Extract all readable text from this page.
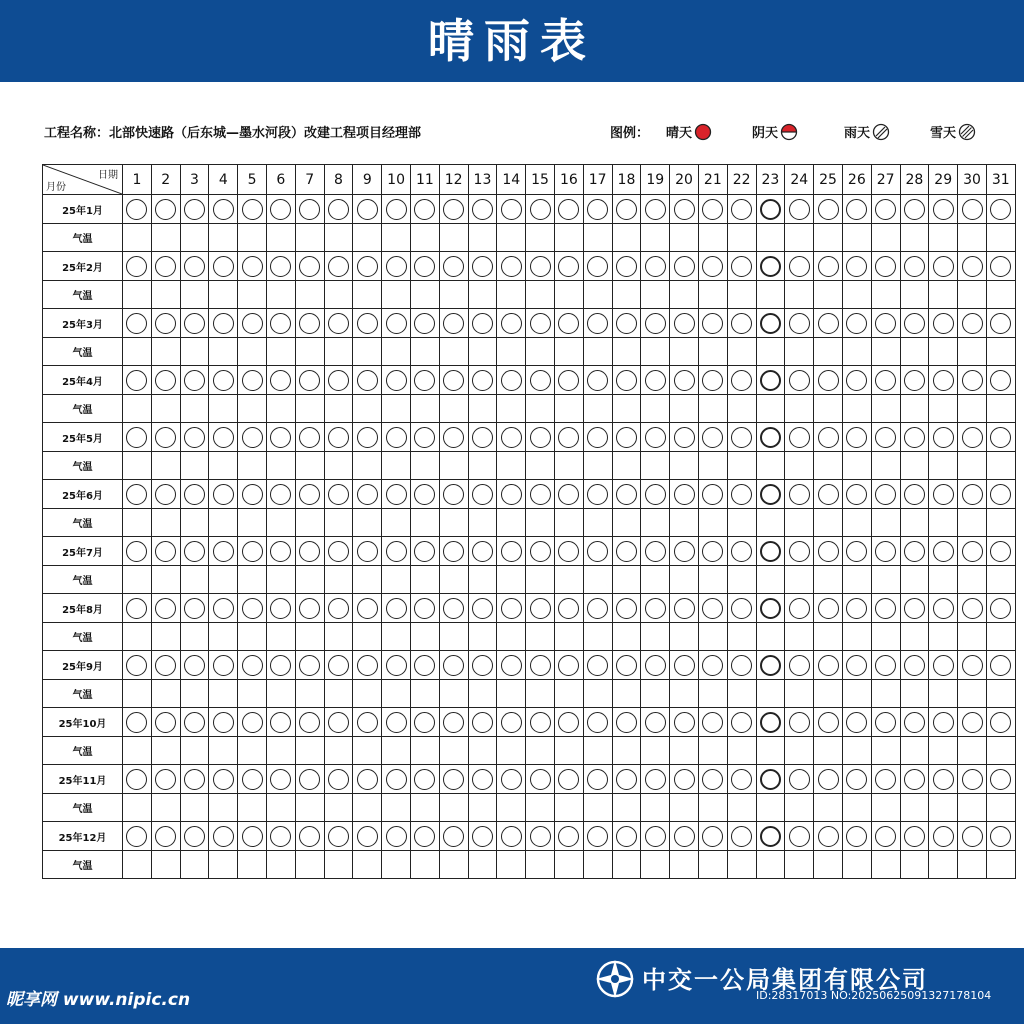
晴雨表
工程名称：北部快速路（后东城—墨水河段）改建工程项目经理部	图例： 晴天	阴天	雨天	雪天
日期
月份	1	2	3	4	5	6	7	8	9	10	11	12	13	14	15	16	17	18	19	20	21	22	23	24	25	26	27	28	29	30	31
25年1月																															
气温																															
25年2月																															
气温																															
25年3月																															
气温																															
25年4月																															
气温																															
25年5月																															
气温																															
25年6月																															
气温																															
25年7月																															
气温																															
25年8月																															
气温																															
25年9月																															
气温																															
25年10月																															
气温																															
25年11月																															
气温																															
25年12月																															
气温																															
中交一公局集团有限公司
昵享网 www.nipic.cn	ID:28317013 NO:20250625091327178104
